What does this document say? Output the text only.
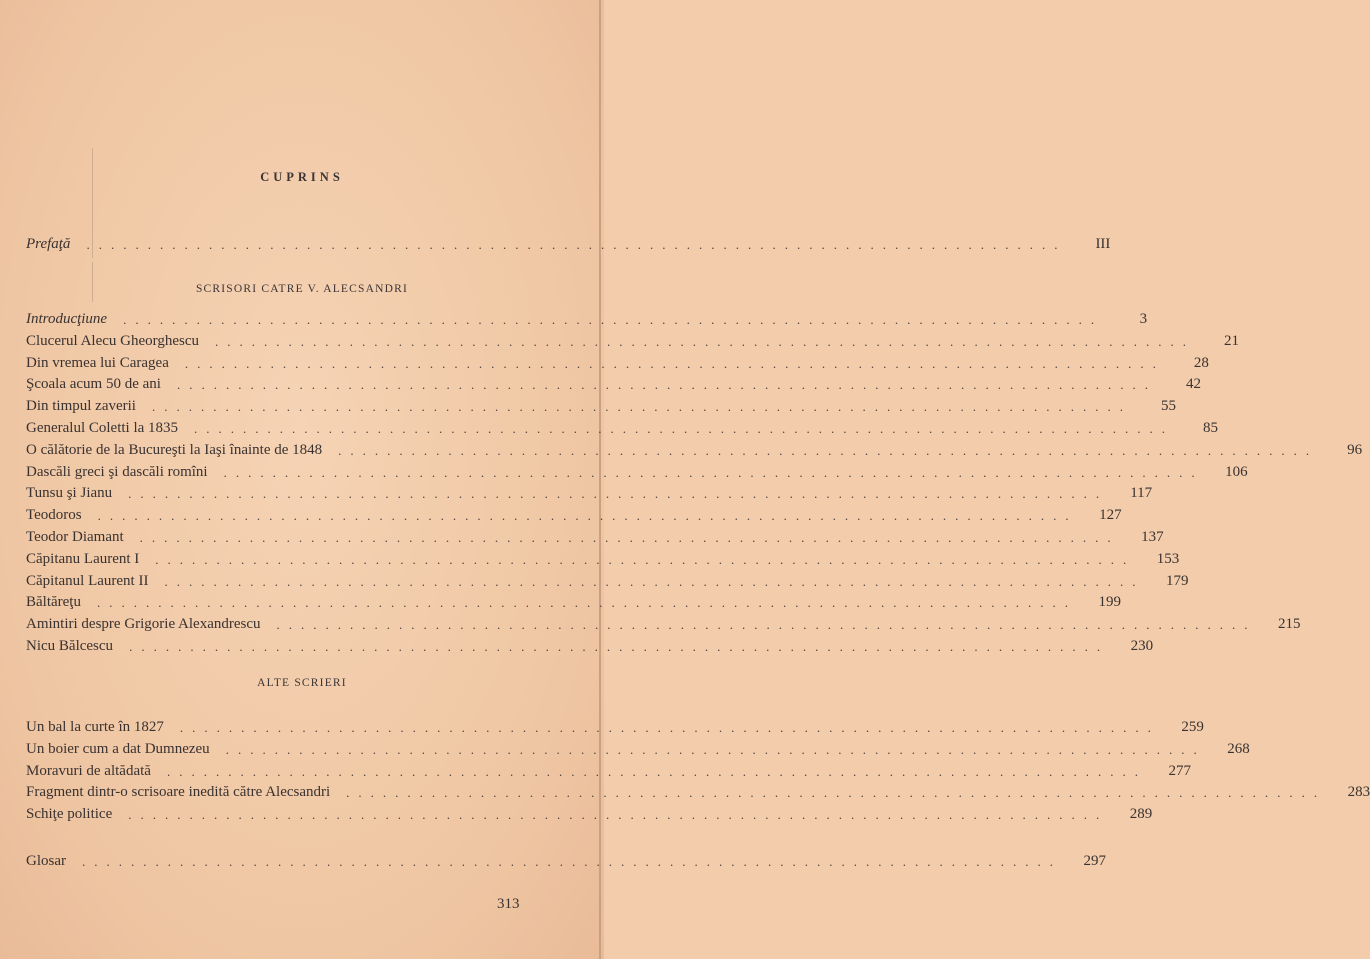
CUPRINS
Prefaţă	................................................................................	III
SCRISORI CATRE V. ALECSANDRI
Introducţiune	................................................................................	3
Clucerul Alecu Gheorghescu	................................................................................	21
Din vremea lui Caragea	................................................................................	28
Şcoala acum 50 de ani	................................................................................	42
Din timpul zaverii	................................................................................	55
Generalul Coletti la 1835	................................................................................	85
O călătorie de la Bucureşti la Iaşi înainte de 1848	................................................................................	96
Dascăli greci şi dascăli romîni	................................................................................	106
Tunsu şi Jianu	................................................................................	117
Teodoros	................................................................................	127
Teodor Diamant	................................................................................	137
Căpitanu Laurent I	................................................................................	153
Căpitanul Laurent II	................................................................................	179
Băltăreţu	................................................................................	199
Amintiri despre Grigorie Alexandrescu	................................................................................	215
Nicu Bălcescu	................................................................................	230
ALTE SCRIERI
Un bal la curte în 1827	................................................................................	259
Un boier cum a dat Dumnezeu	................................................................................	268
Moravuri de altădată	................................................................................	277
Fragment dintr-o scrisoare inedită către Alecsandri	................................................................................	283
Schiţe politice	................................................................................	289
Glosar	................................................................................	297
313
